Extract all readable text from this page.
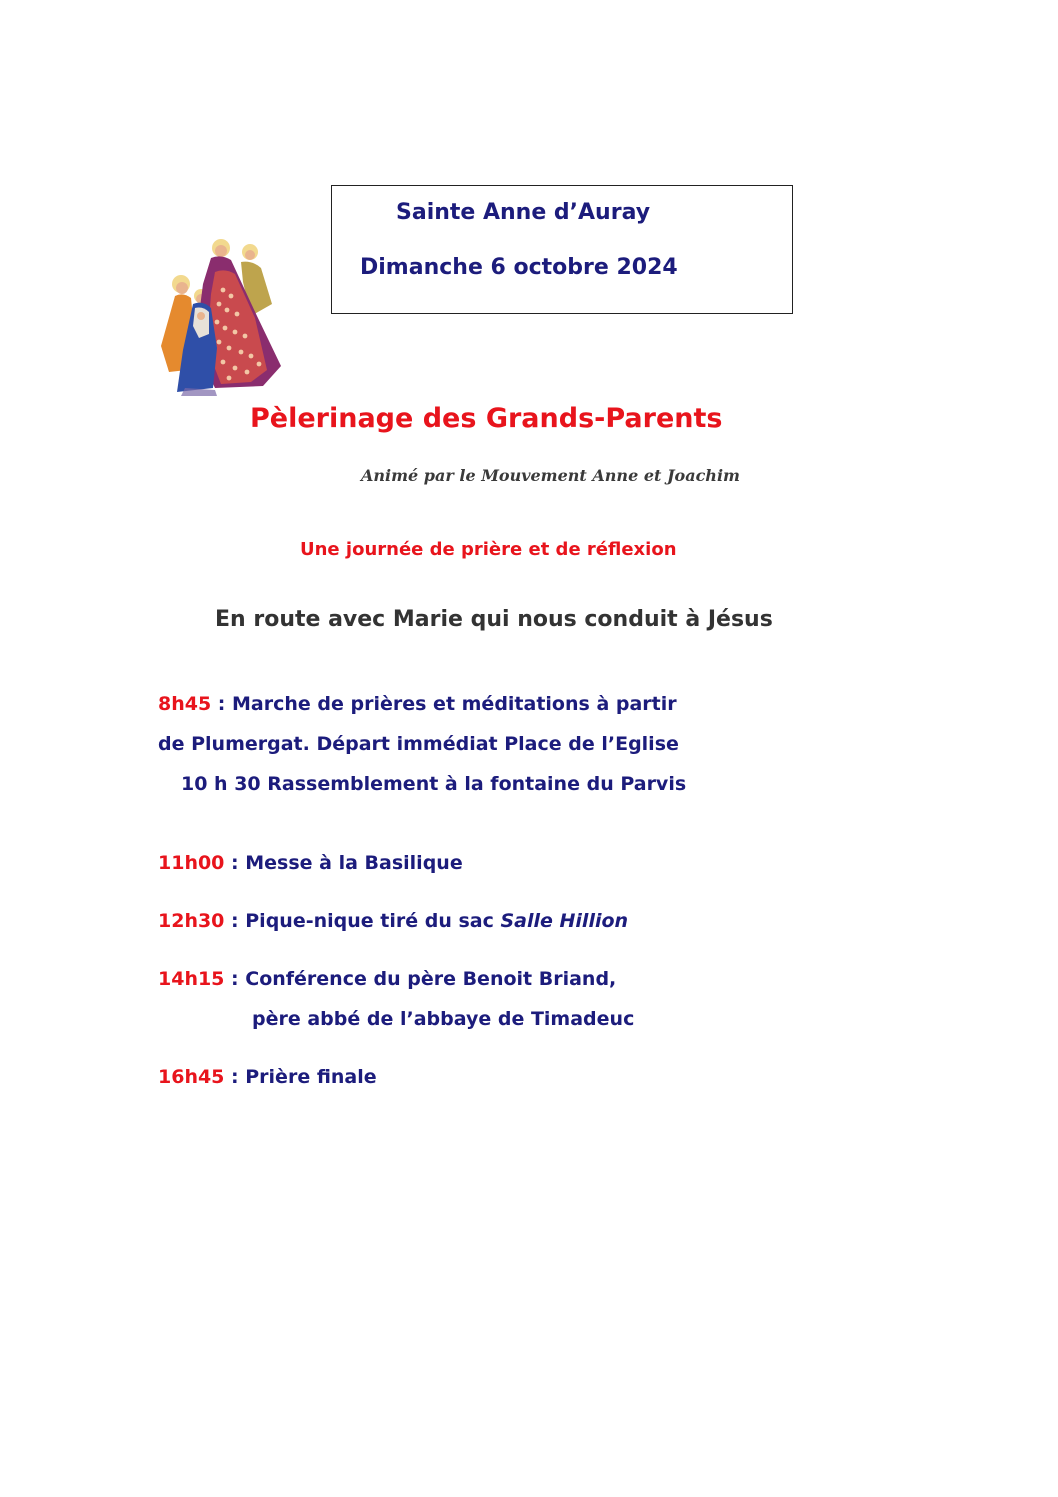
Sainte Anne d’Auray
Dimanche 6 octobre 2024
Pèlerinage des Grands-Parents
Animé par le Mouvement Anne et Joachim
Une journée de prière et de réflexion
En route avec Marie qui nous conduit à Jésus
8h45 : Marche de prières et méditations à partir
de Plumergat. Départ immédiat Place de l’Eglise
10 h 30 Rassemblement à la fontaine du Parvis
11h00 : Messe à la Basilique
12h30 : Pique-nique tiré du sac Salle Hillion
14h15 : Conférence du père Benoit Briand,
père abbé de l’abbaye de Timadeuc
16h45 : Prière finale
